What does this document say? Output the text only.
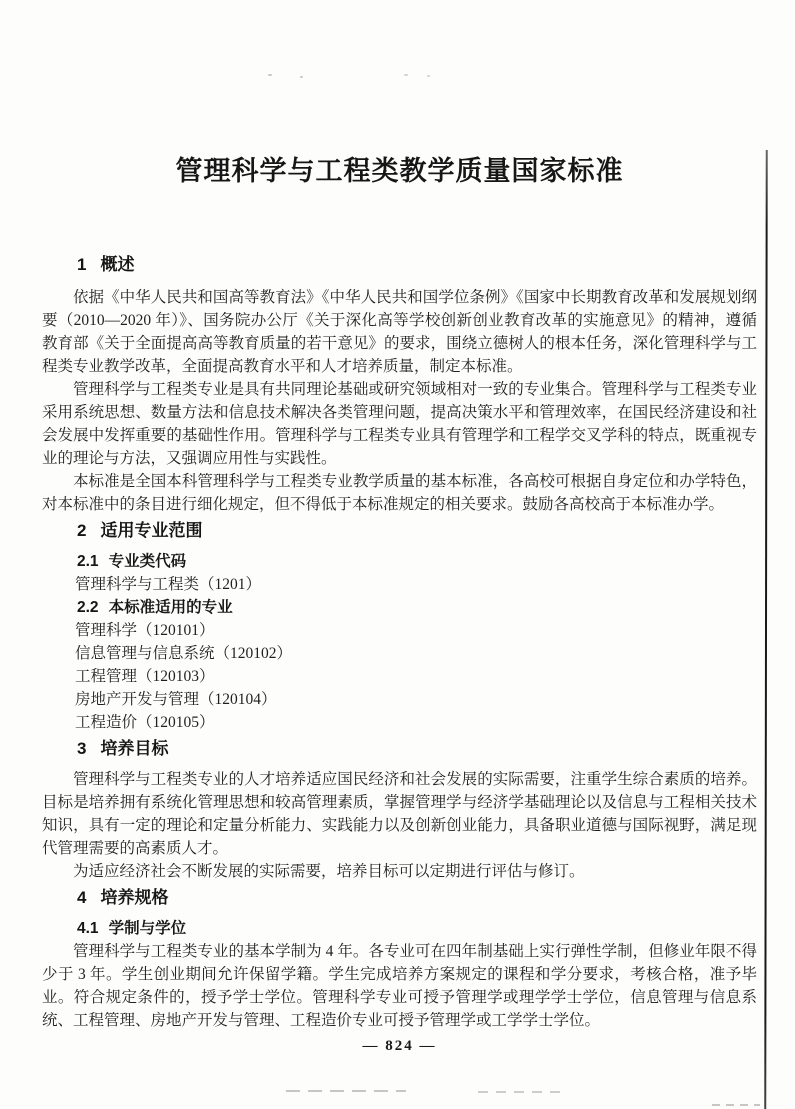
管理科学与工程类教学质量国家标准
1 概述

依据《中华人民共和国高等教育法》《中华人民共和国学位条例》《国家中长期教育改革和发展规划纲要（2010—2020 年）》、国务院办公厅《关于深化高等学校创新创业教育改革的实施意见》的精神，遵循教育部《关于全面提高高等教育质量的若干意见》的要求，围绕立德树人的根本任务，深化管理科学与工程类专业教学改革，全面提高教育水平和人才培养质量，制定本标准。

管理科学与工程类专业是具有共同理论基础或研究领域相对一致的专业集合。管理科学与工程类专业采用系统思想、数量方法和信息技术解决各类管理问题，提高决策水平和管理效率，在国民经济建设和社会发展中发挥重要的基础性作用。管理科学与工程类专业具有管理学和工程学交叉学科的特点，既重视专业的理论与方法，又强调应用性与实践性。

本标准是全国本科管理科学与工程类专业教学质量的基本标准，各高校可根据自身定位和办学特色，对本标准中的条目进行细化规定，但不得低于本标准规定的相关要求。鼓励各高校高于本标准办学。

2 适用专业范围
2.1 专业类代码

管理科学与工程类（1201）

2.2 本标准适用的专业

管理科学（120101）

信息管理与信息系统（120102）

工程管理（120103）

房地产开发与管理（120104）

工程造价（120105）

3 培养目标

管理科学与工程类专业的人才培养适应国民经济和社会发展的实际需要，注重学生综合素质的培养。目标是培养拥有系统化管理思想和较高管理素质，掌握管理学与经济学基础理论以及信息与工程相关技术知识，具有一定的理论和定量分析能力、实践能力以及创新创业能力，具备职业道德与国际视野，满足现代管理需要的高素质人才。

为适应经济社会不断发展的实际需要，培养目标可以定期进行评估与修订。

4 培养规格
4.1 学制与学位

管理科学与工程类专业的基本学制为 4 年。各专业可在四年制基础上实行弹性学制，但修业年限不得少于 3 年。学生创业期间允许保留学籍。学生完成培养方案规定的课程和学分要求，考核合格，准予毕业。符合规定条件的，授予学士学位。管理科学专业可授予管理学或理学学士学位，信息管理与信息系统、工程管理、房地产开发与管理、工程造价专业可授予管理学或工学学士学位。

— 824 —
